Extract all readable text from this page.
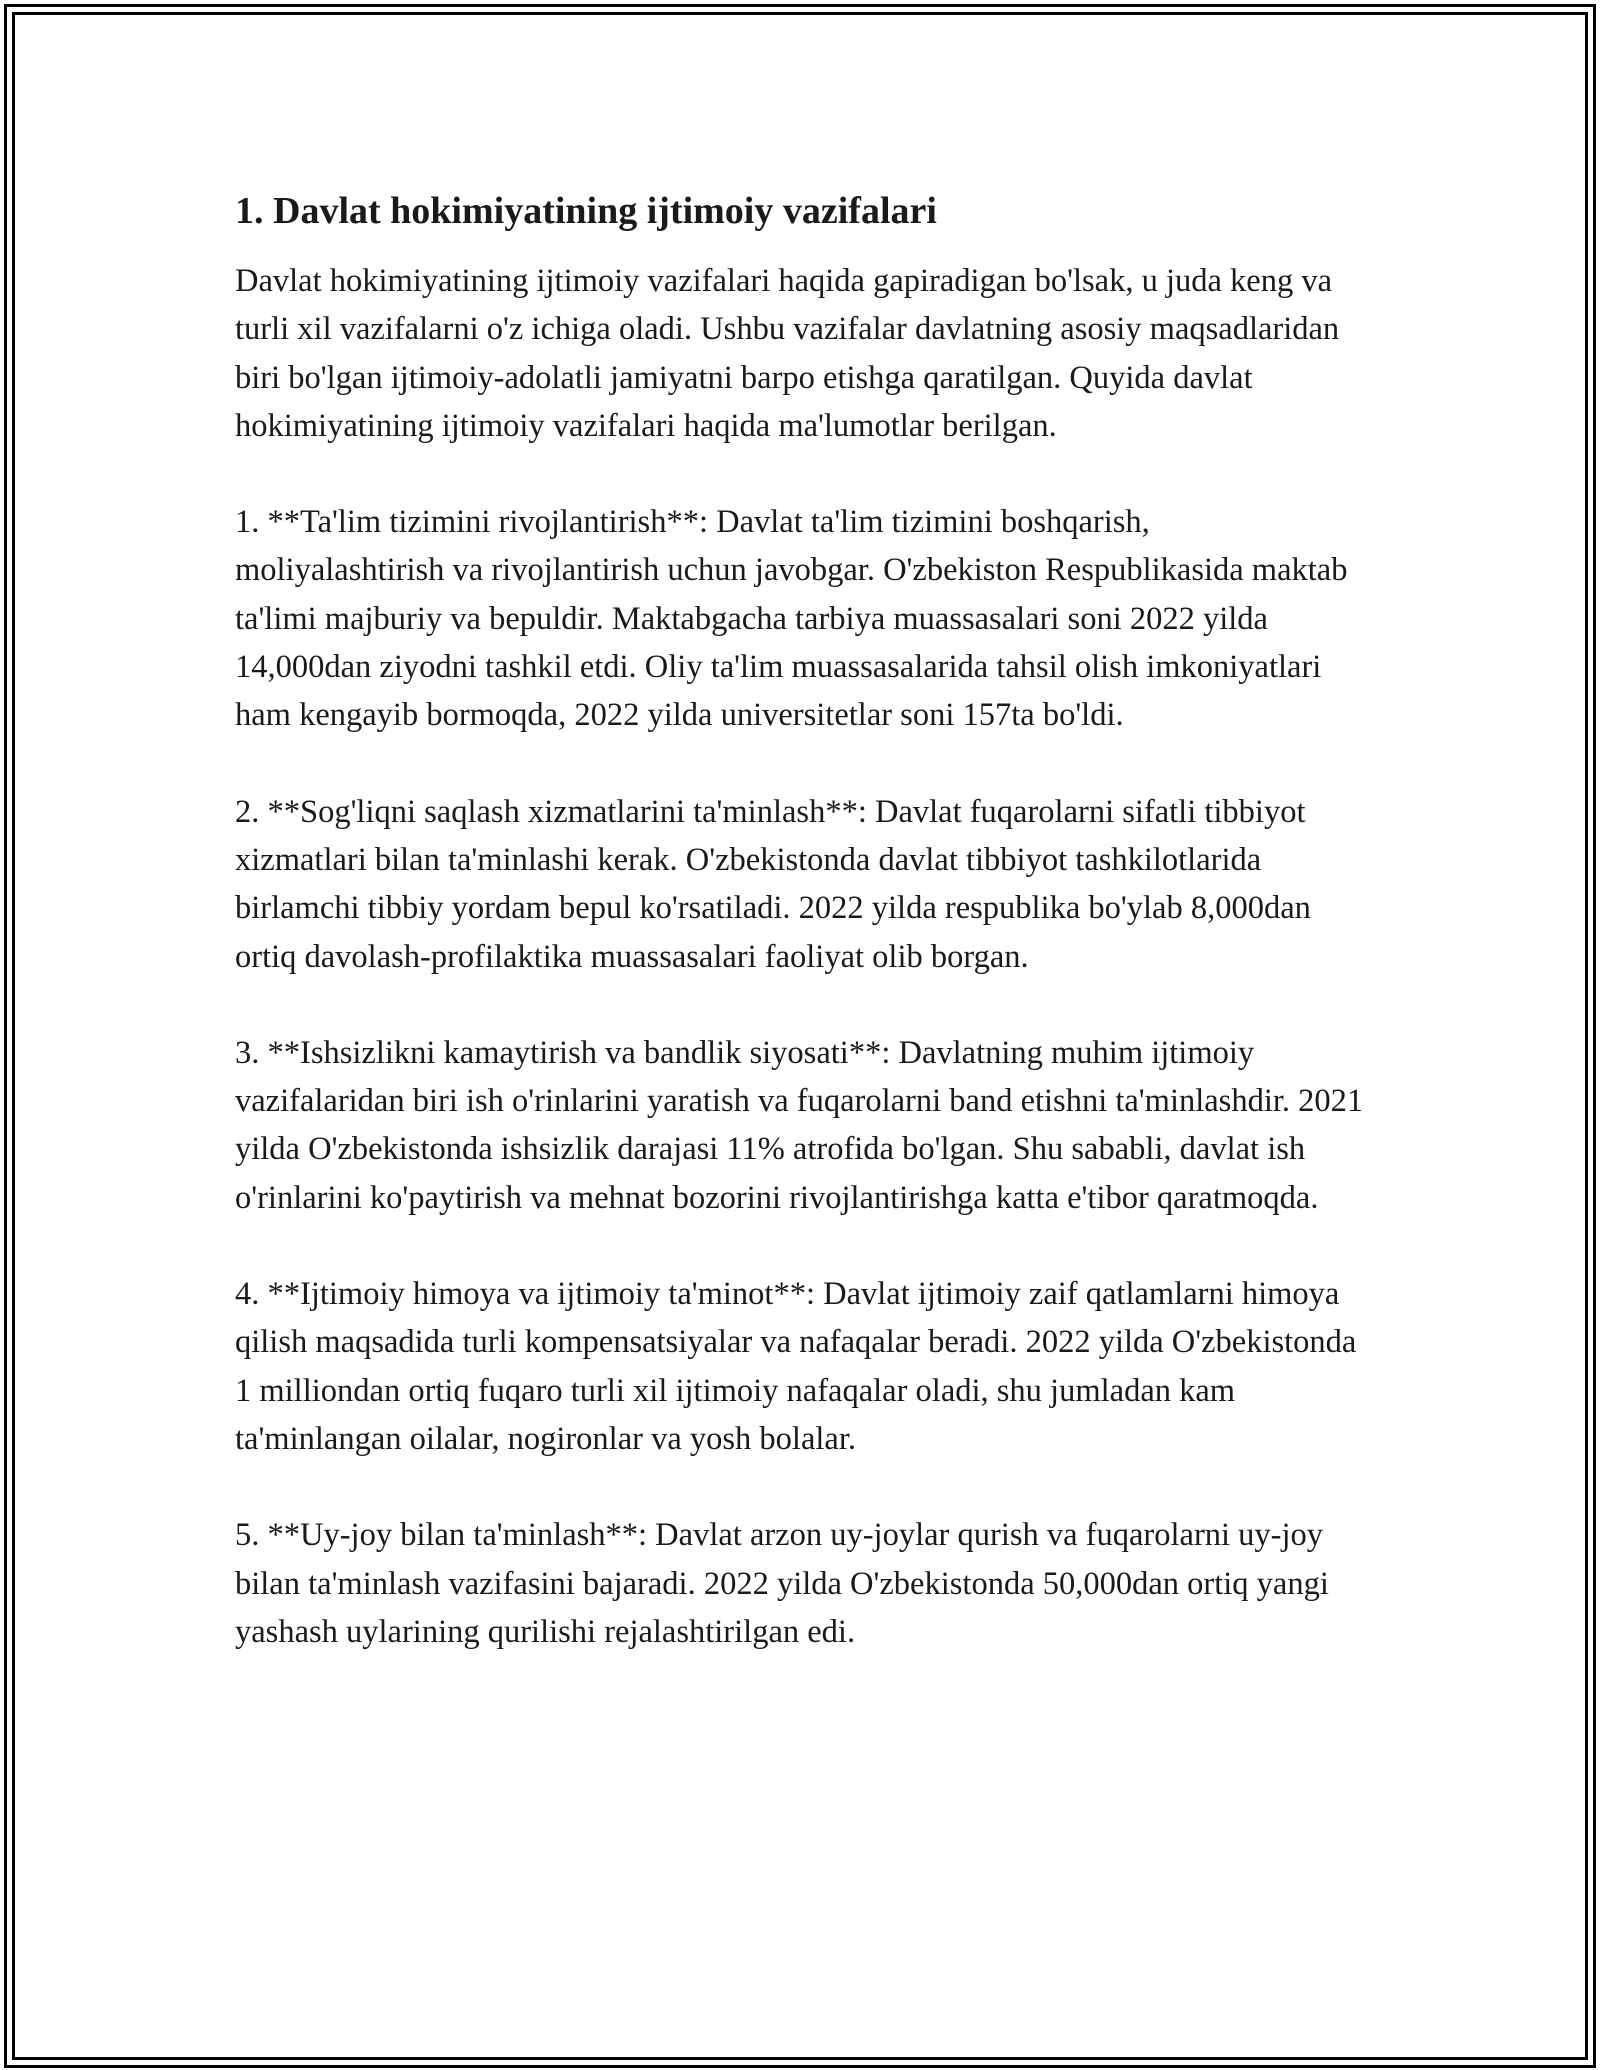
1. Davlat hokimiyatining ijtimoiy vazifalari

Davlat hokimiyatining ijtimoiy vazifalari haqida gapiradigan bo'lsak, u juda keng va turli xil vazifalarni o'z ichiga oladi. Ushbu vazifalar davlatning asosiy maqsadlaridan biri bo'lgan ijtimoiy-adolatli jamiyatni barpo etishga qaratilgan. Quyida davlat hokimiyatining ijtimoiy vazifalari haqida ma'lumotlar berilgan.

1. **Ta'lim tizimini rivojlantirish**: Davlat ta'lim tizimini boshqarish, moliyalashtirish va rivojlantirish uchun javobgar. O'zbekiston Respublikasida maktab ta'limi majburiy va bepuldir. Maktabgacha tarbiya muassasalari soni 2022 yilda 14,000dan ziyodni tashkil etdi. Oliy ta'lim muassasalarida tahsil olish imkoniyatlari ham kengayib bormoqda, 2022 yilda universitetlar soni 157ta bo'ldi.

2. **Sog'liqni saqlash xizmatlarini ta'minlash**: Davlat fuqarolarni sifatli tibbiyot xizmatlari bilan ta'minlashi kerak. O'zbekistonda davlat tibbiyot tashkilotlarida birlamchi tibbiy yordam bepul ko'rsatiladi. 2022 yilda respublika bo'ylab 8,000dan ortiq davolash-profilaktika muassasalari faoliyat olib borgan.

3. **Ishsizlikni kamaytirish va bandlik siyosati**: Davlatning muhim ijtimoiy vazifalaridan biri ish o'rinlarini yaratish va fuqarolarni band etishni ta'minlashdir. 2021 yilda O'zbekistonda ishsizlik darajasi 11% atrofida bo'lgan. Shu sababli, davlat ish o'rinlarini ko'paytirish va mehnat bozorini rivojlantirishga katta e'tibor qaratmoqda.

4. **Ijtimoiy himoya va ijtimoiy ta'minot**: Davlat ijtimoiy zaif qatlamlarni himoya qilish maqsadida turli kompensatsiyalar va nafaqalar beradi. 2022 yilda O'zbekistonda 1 milliondan ortiq fuqaro turli xil ijtimoiy nafaqalar oladi, shu jumladan kam ta'minlangan oilalar, nogironlar va yosh bolalar.

5. **Uy-joy bilan ta'minlash**: Davlat arzon uy-joylar qurish va fuqarolarni uy-joy bilan ta'minlash vazifasini bajaradi. 2022 yilda O'zbekistonda 50,000dan ortiq yangi yashash uylarining qurilishi rejalashtirilgan edi.
